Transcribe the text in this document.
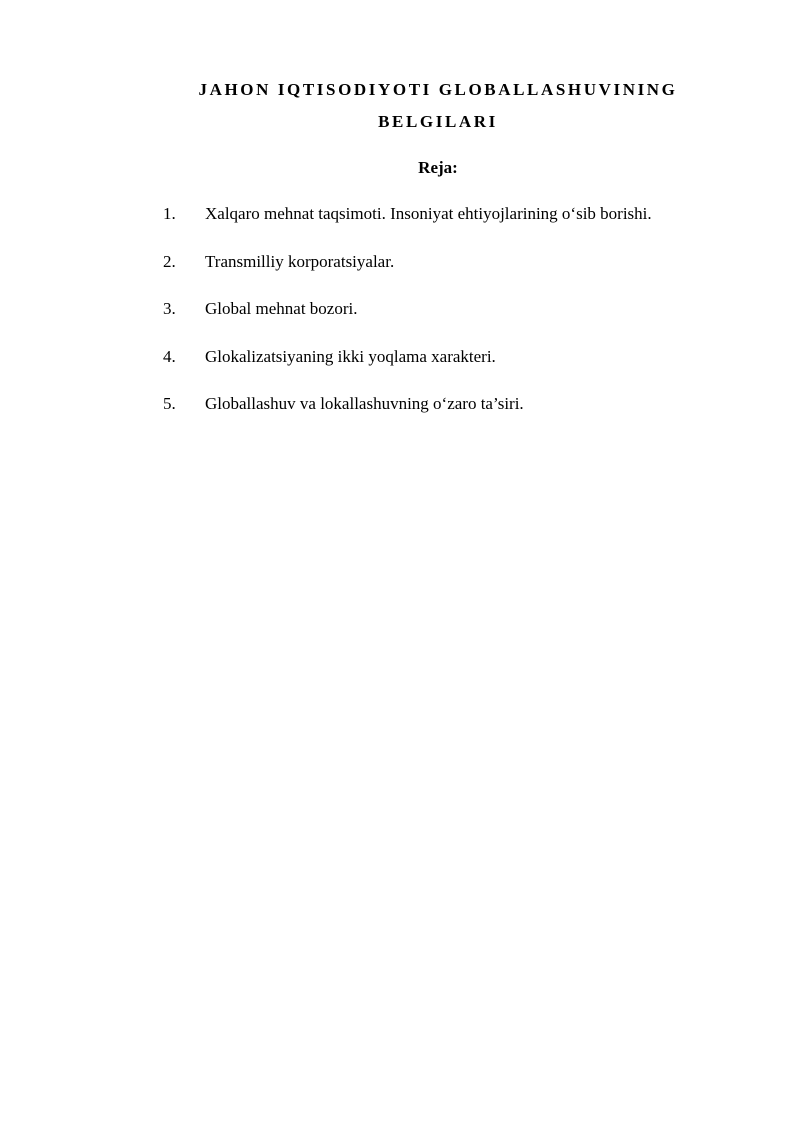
JAHON IQTISODIYOTI GLOBALLASHUVINING
BELGILARI
Reja:
1. Xalqaro mehnat taqsimoti. Insoniyat ehtiyojlarining o‘sib borishi.
2. Transmilliy korporatsiyalar.
3. Global mehnat bozori.
4. Glokalizatsiyaning ikki yoqlama xarakteri.
5. Globallashuv va lokallashuvning o‘zaro ta’siri.
